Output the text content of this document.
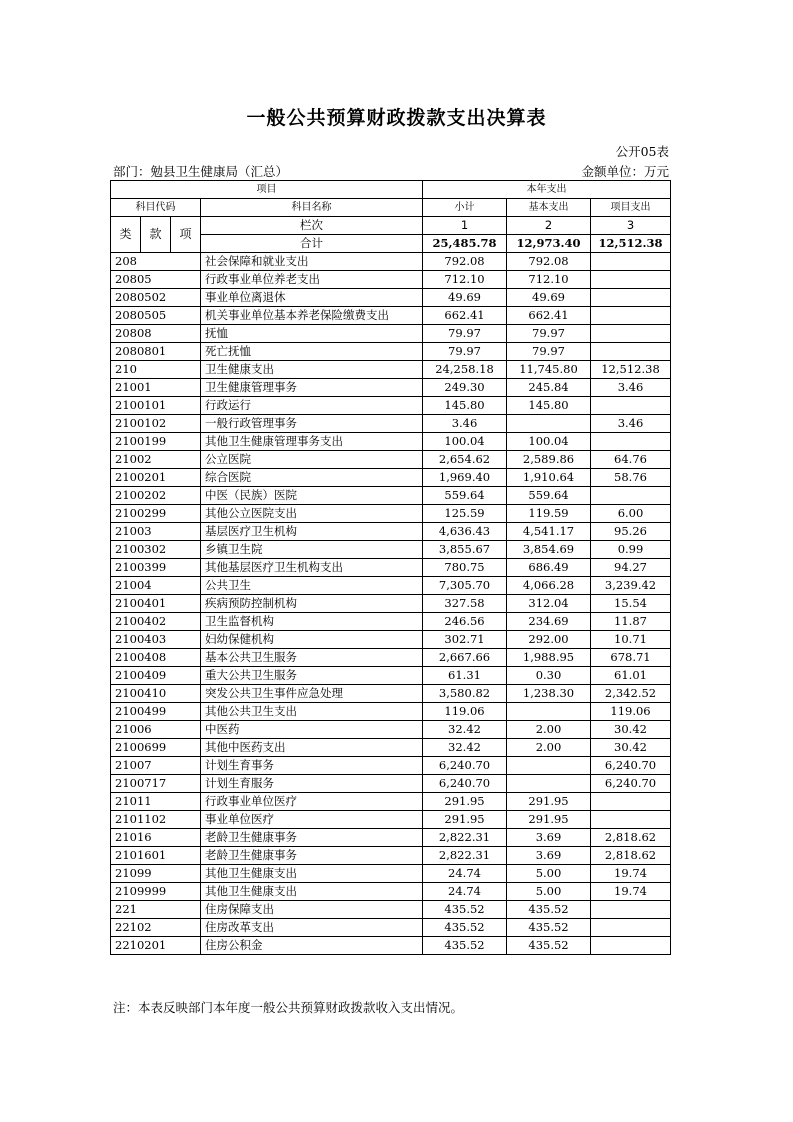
一般公共预算财政拨款支出决算表
公开05表
部门：勉县卫生健康局（汇总）	金额单位：万元
项目				本年支出		
科目代码			科目名称	小计	基本支出	项目支出
类	款	项	栏次	1	2	3
			合计	25,485.78	12,973.40	12,512.38
208			社会保障和就业支出	792.08	792.08	
20805			行政事业单位养老支出	712.10	712.10	
2080502			事业单位离退休	49.69	49.69	
2080505			机关事业单位基本养老保险缴费支出	662.41	662.41	
20808			抚恤	79.97	79.97	
2080801			死亡抚恤	79.97	79.97	
210			卫生健康支出	24,258.18	11,745.80	12,512.38
21001			卫生健康管理事务	249.30	245.84	3.46
2100101			行政运行	145.80	145.80	
2100102			一般行政管理事务	3.46		3.46
2100199			其他卫生健康管理事务支出	100.04	100.04	
21002			公立医院	2,654.62	2,589.86	64.76
2100201			综合医院	1,969.40	1,910.64	58.76
2100202			中医（民族）医院	559.64	559.64	
2100299			其他公立医院支出	125.59	119.59	6.00
21003			基层医疗卫生机构	4,636.43	4,541.17	95.26
2100302			乡镇卫生院	3,855.67	3,854.69	0.99
2100399			其他基层医疗卫生机构支出	780.75	686.49	94.27
21004			公共卫生	7,305.70	4,066.28	3,239.42
2100401			疾病预防控制机构	327.58	312.04	15.54
2100402			卫生监督机构	246.56	234.69	11.87
2100403			妇幼保健机构	302.71	292.00	10.71
2100408			基本公共卫生服务	2,667.66	1,988.95	678.71
2100409			重大公共卫生服务	61.31	0.30	61.01
2100410			突发公共卫生事件应急处理	3,580.82	1,238.30	2,342.52
2100499			其他公共卫生支出	119.06		119.06
21006			中医药	32.42	2.00	30.42
2100699			其他中医药支出	32.42	2.00	30.42
21007			计划生育事务	6,240.70		6,240.70
2100717			计划生育服务	6,240.70		6,240.70
21011			行政事业单位医疗	291.95	291.95	
2101102			事业单位医疗	291.95	291.95	
21016			老龄卫生健康事务	2,822.31	3.69	2,818.62
2101601			老龄卫生健康事务	2,822.31	3.69	2,818.62
21099			其他卫生健康支出	24.74	5.00	19.74
2109999			其他卫生健康支出	24.74	5.00	19.74
221			住房保障支出	435.52	435.52	
22102			住房改革支出	435.52	435.52	
2210201			住房公积金	435.52	435.52	
注：本表反映部门本年度一般公共预算财政拨款收入支出情况。
